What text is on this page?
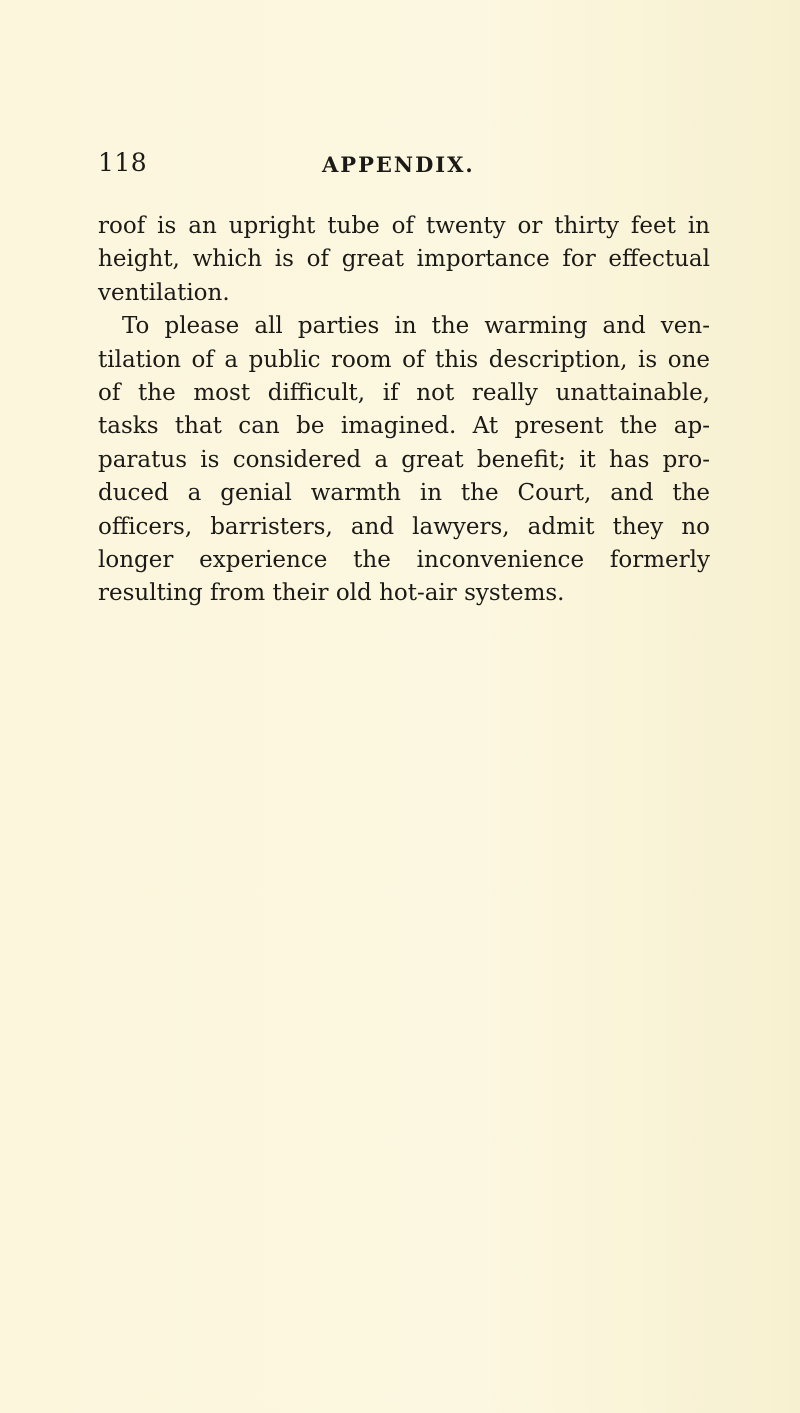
118	APPENDIX.
roof is an upright tube of twenty or thirty feet in
height, which is of great importance for effectual
ventilation.
To please all parties in the warming and ven-
tilation of a public room of this description, is one
of the most difficult, if not really unattainable,
tasks that can be imagined. At present the ap-
paratus is considered a great benefit; it has pro-
duced a genial warmth in the Court, and the
officers, barristers, and lawyers, admit they no
longer experience the inconvenience formerly
resulting from their old hot-air systems.
